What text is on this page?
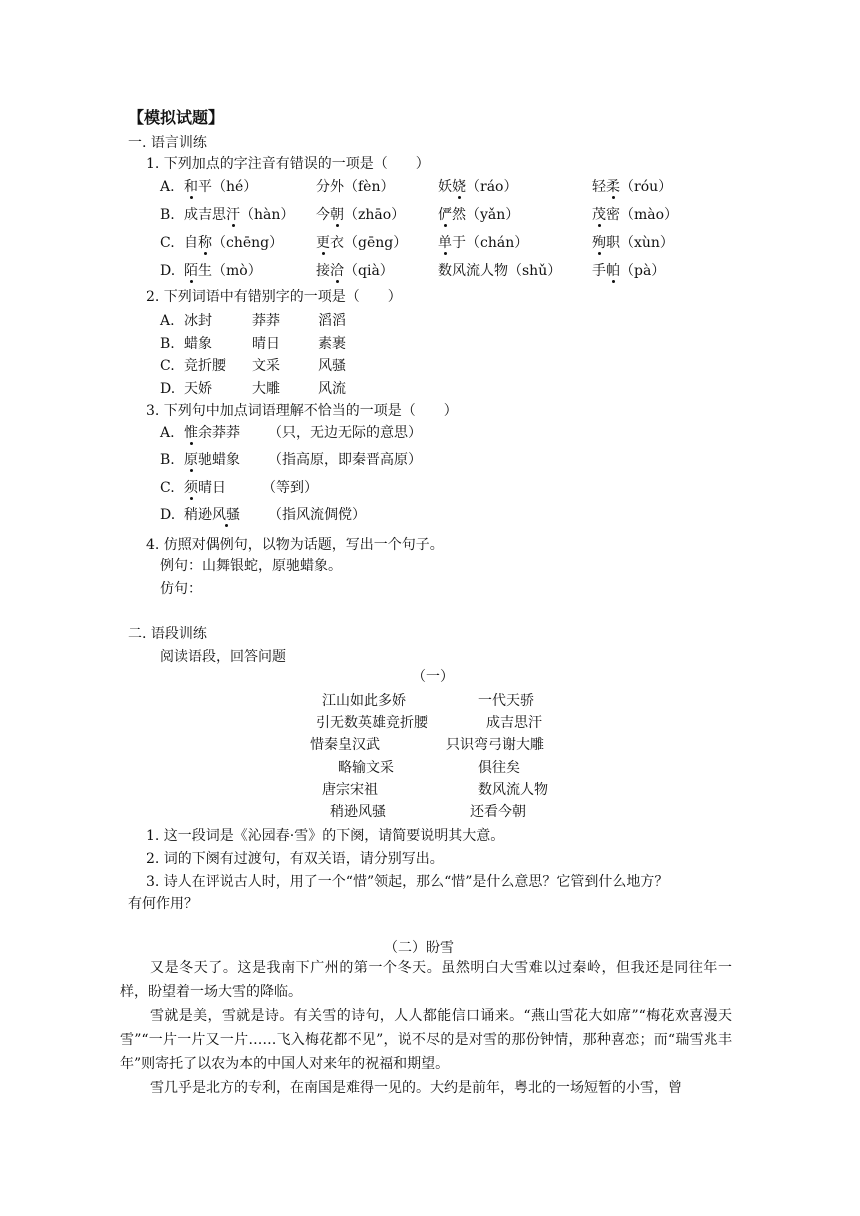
【模拟试题】
一. 语言训练
1. 下列加点的字注音有错误的一项是（　　）
A. 和平（hé）	分外（fèn）	妖娆（ráo）	轻柔（róu）
B. 成吉思汗（hàn） 今朝（zhāo） 俨然（yǎn）	茂密（mào）
C. 自称（chēng） 更衣（gēng） 单于（chán）	殉职（xùn）
D. 陌生（mò）	接洽（qià）	数风流人物（shǔ） 手帕（pà）
2. 下列词语中有错别字的一项是（　　）
A. 冰封	莽莽	滔滔
B. 蜡象	晴日	素裹
C. 竞折腰 文采	风骚
D. 天娇	大雕	风流
3. 下列句中加点词语理解不恰当的一项是（　　）
A. 惟余莽莽 （只，无边无际的意思）
B. 原驰蜡象 （指高原，即秦晋高原）
C. 须晴日	（等到）
D. 稍逊风骚 （指风流倜傥）
4. 仿照对偶例句，以物为话题，写出一个句子。
例句：山舞银蛇，原驰蜡象。
仿句：
二. 语段训练
阅读语段，回答问题
（一）
江山如此多娇	一代天骄
引无数英雄竞折腰	成吉思汗
惜秦皇汉武	只识弯弓谢大雕
略输文采	俱往矣
唐宗宋祖	数风流人物
稍逊风骚	还看今朝
1. 这一段词是《沁园春·雪》的下阕，请简要说明其大意。
2. 词的下阕有过渡句，有双关语，请分别写出。
3. 诗人在评说古人时，用了一个“惜”领起，那么“惜”是什么意思？它管到什么地方？
有何作用？
（二）盼雪
又是冬天了。这是我南下广州的第一个冬天。虽然明白大雪难以过秦岭，但我还是同往年一样，盼望着一场大雪的降临。
雪就是美，雪就是诗。有关雪的诗句，人人都能信口诵来。“燕山雪花大如席”“梅花欢喜漫天雪”“一片一片又一片……飞入梅花都不见”，说不尽的是对雪的那份钟情，那种喜恋；而“瑞雪兆丰年”则寄托了以农为本的中国人对来年的祝福和期望。
雪几乎是北方的专利，在南国是难得一见的。大约是前年，粤北的一场短暂的小雪，曾
